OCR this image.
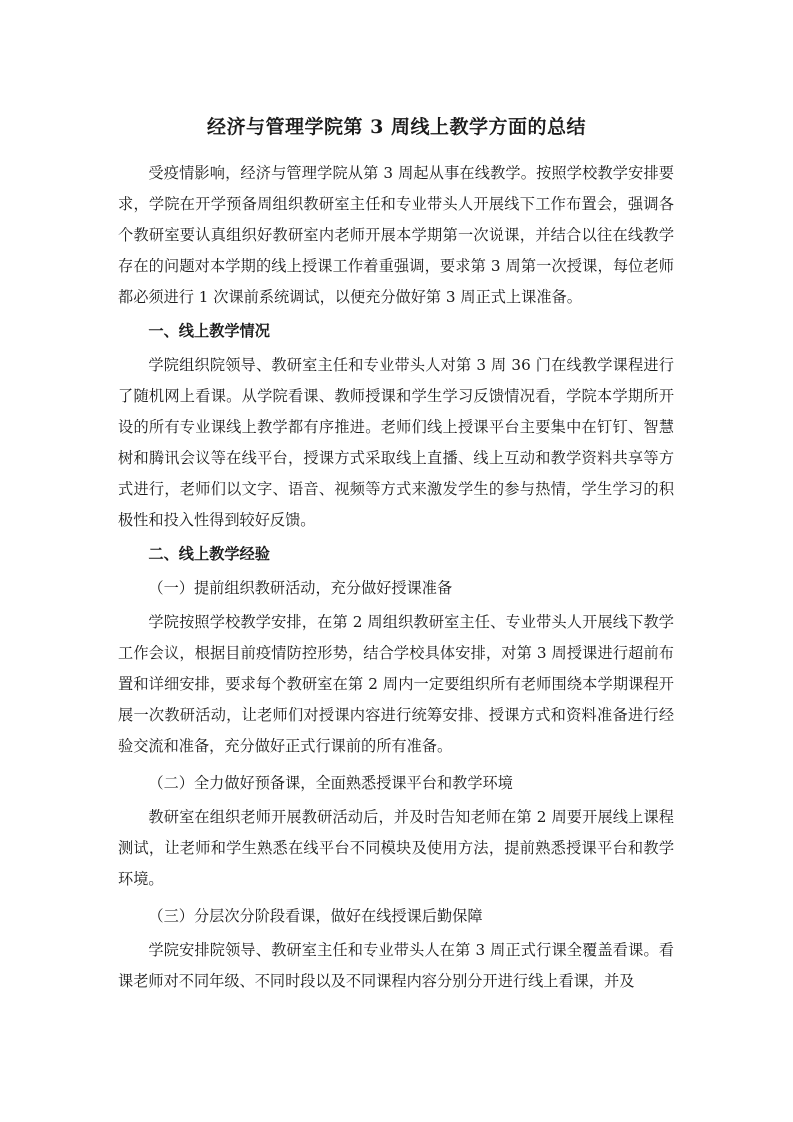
经济与管理学院第 3 周线上教学方面的总结

受疫情影响，经济与管理学院从第 3 周起从事在线教学。按照学校教学安排要求，学院在开学预备周组织教研室主任和专业带头人开展线下工作布置会，强调各个教研室要认真组织好教研室内老师开展本学期第一次说课，并结合以往在线教学存在的问题对本学期的线上授课工作着重强调，要求第 3 周第一次授课，每位老师都必须进行 1 次课前系统调试，以便充分做好第 3 周正式上课准备。

一、线上教学情况

学院组织院领导、教研室主任和专业带头人对第 3 周 36 门在线教学课程进行了随机网上看课。从学院看课、教师授课和学生学习反馈情况看，学院本学期所开设的所有专业课线上教学都有序推进。老师们线上授课平台主要集中在钉钉、智慧树和腾讯会议等在线平台，授课方式采取线上直播、线上互动和教学资料共享等方式进行，老师们以文字、语音、视频等方式来激发学生的参与热情，学生学习的积极性和投入性得到较好反馈。

二、线上教学经验

（一）提前组织教研活动，充分做好授课准备

学院按照学校教学安排，在第 2 周组织教研室主任、专业带头人开展线下教学工作会议，根据目前疫情防控形势，结合学校具体安排，对第 3 周授课进行超前布置和详细安排，要求每个教研室在第 2 周内一定要组织所有老师围绕本学期课程开展一次教研活动，让老师们对授课内容进行统筹安排、授课方式和资料准备进行经验交流和准备，充分做好正式行课前的所有准备。

（二）全力做好预备课，全面熟悉授课平台和教学环境

教研室在组织老师开展教研活动后，并及时告知老师在第 2 周要开展线上课程测试，让老师和学生熟悉在线平台不同模块及使用方法，提前熟悉授课平台和教学环境。

（三）分层次分阶段看课，做好在线授课后勤保障

学院安排院领导、教研室主任和专业带头人在第 3 周正式行课全覆盖看课。看课老师对不同年级、不同时段以及不同课程内容分别分开进行线上看课，并及
